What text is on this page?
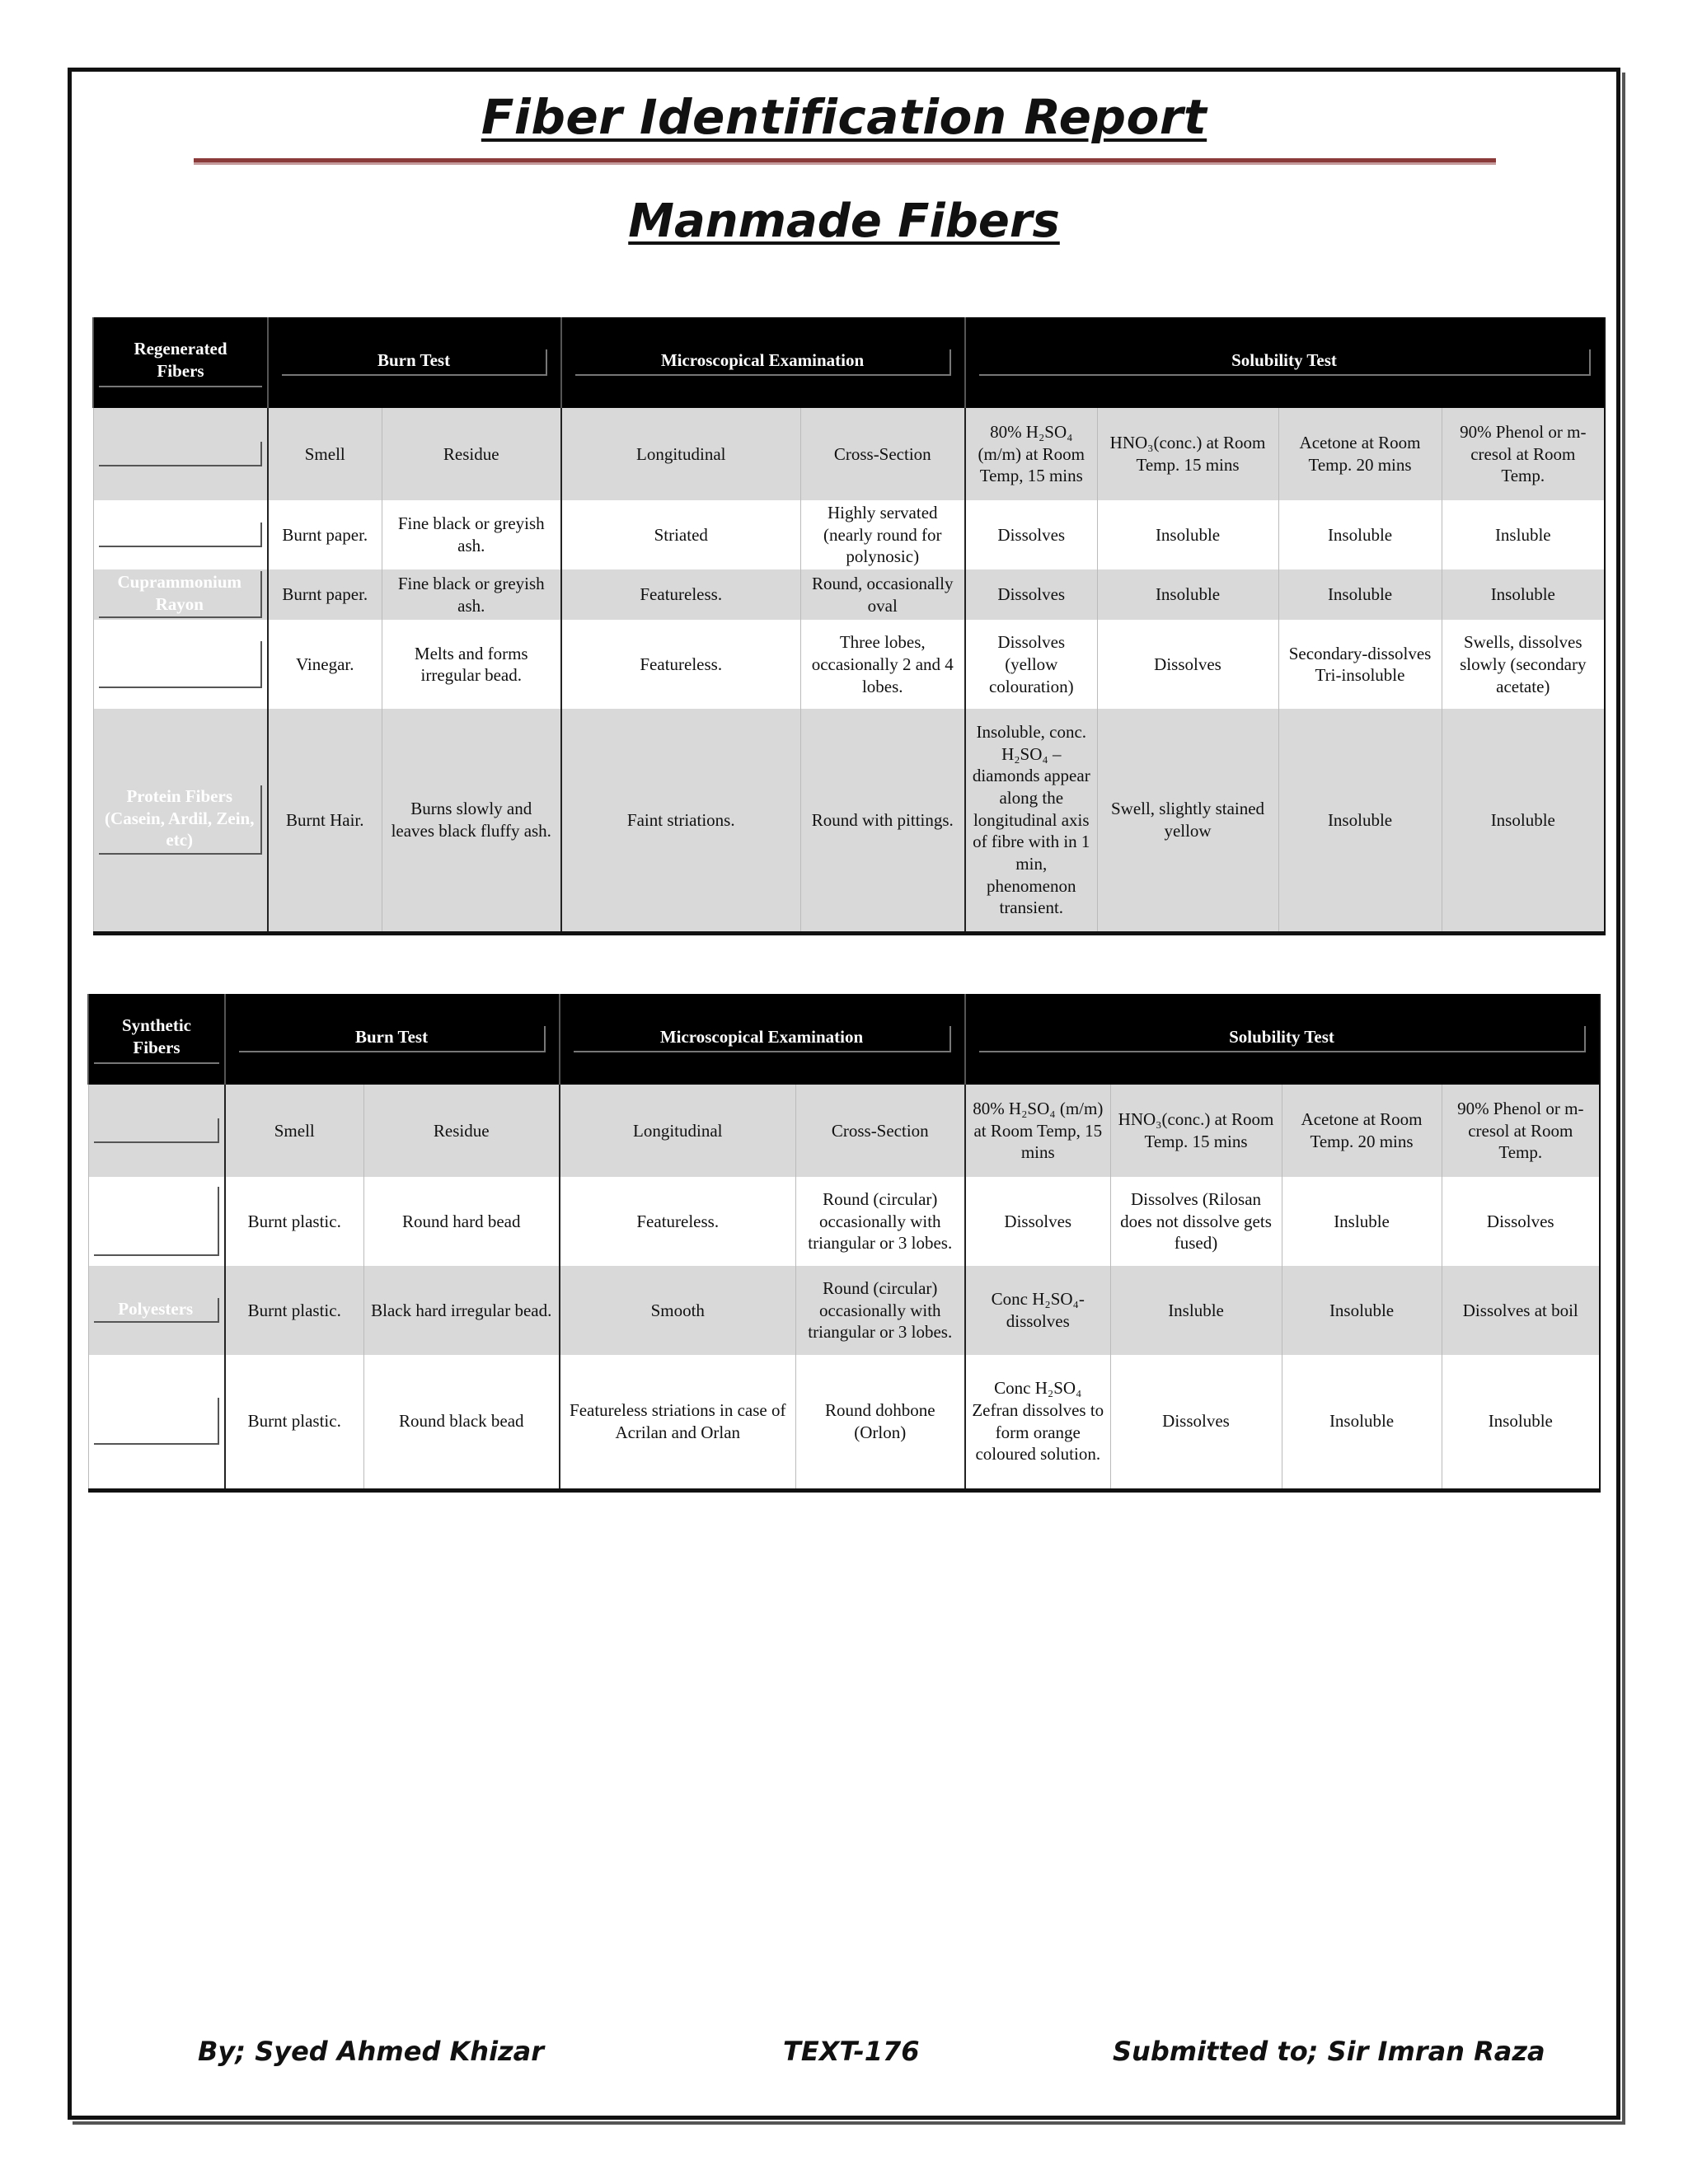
Fiber Identification Report
Manmade Fibers
Regenerated Fibers	Burn Test		Microscopical Examination		Solubility Test			

	Smell	Residue	Longitudinal	Cross-Section	80% H₂SO₄ (m/m) at Room Temp, 15 mins	HNO₃(conc.) at Room Temp. 15 mins	Acetone at Room Temp. 20 mins	90% Phenol or m-cresol at Room Temp.

Viscose Rayon	Burnt paper.	Fine black or greyish ash.	Striated	Highly servated (nearly round for polynosic)	Dissolves	Insoluble	Insoluble	Insluble

Cuprammonium Rayon	Burnt paper.	Fine black or greyish ash.	Featureless.	Round, occasionally oval	Dissolves	Insoluble	Insoluble	Insoluble

Cellulose Acetate Rayon	Vinegar.	Melts and forms irregular bead.	Featureless.	Three lobes, occasionally 2 and 4 lobes.	Dissolves (yellow colouration)	Dissolves	Secondary-dissolves Tri-insoluble	Swells, dissolves slowly (secondary acetate)

Protein Fibers (Casein, Ardil, Zein, etc)	Burnt Hair.	Burns slowly and leaves black fluffy ash.	Faint striations.	Round with pittings.	Insoluble, conc. H₂SO₄ – diamonds appear along the longitudinal axis of fibre with in 1 min, phenomenon transient.	Swell, slightly stained yellow	Insoluble	Insoluble
Synthetic Fibers	Burn Test		Microscopical Examination		Solubility Test			

	Smell	Residue	Longitudinal	Cross-Section	80% H₂SO₄ (m/m) at Room Temp, 15 mins	HNO₃(conc.) at Room Temp. 15 mins	Acetone at Room Temp. 20 mins	90% Phenol or m-cresol at Room Temp.

Polyamides (Nylon 6, Nylon 6,6 ,etc.)	Burnt plastic.	Round hard bead	Featureless.	Round (circular) occasionally with triangular or 3 lobes.	Dissolves	Dissolves (Rilosan does not dissolve gets fused)	Insluble	Dissolves

Polyesters	Burnt plastic.	Black hard irregular bead.	Smooth	Round (circular) occasionally with triangular or 3 lobes.	Conc H₂SO₄-dissolves	Insluble	Insoluble	Dissolves at boil

Polyacrilonitrile (Acrylic)	Burnt plastic.	Round black bead	Featureless striations in case of Acrilan and Orlan	Round dohbone (Orlon)	Conc H₂SO₄ Zefran dissolves to form orange coloured solution.	Dissolves	Insoluble	Insoluble
By; Syed Ahmed Khizar	TEXT-176	Submitted to; Sir Imran Raza
